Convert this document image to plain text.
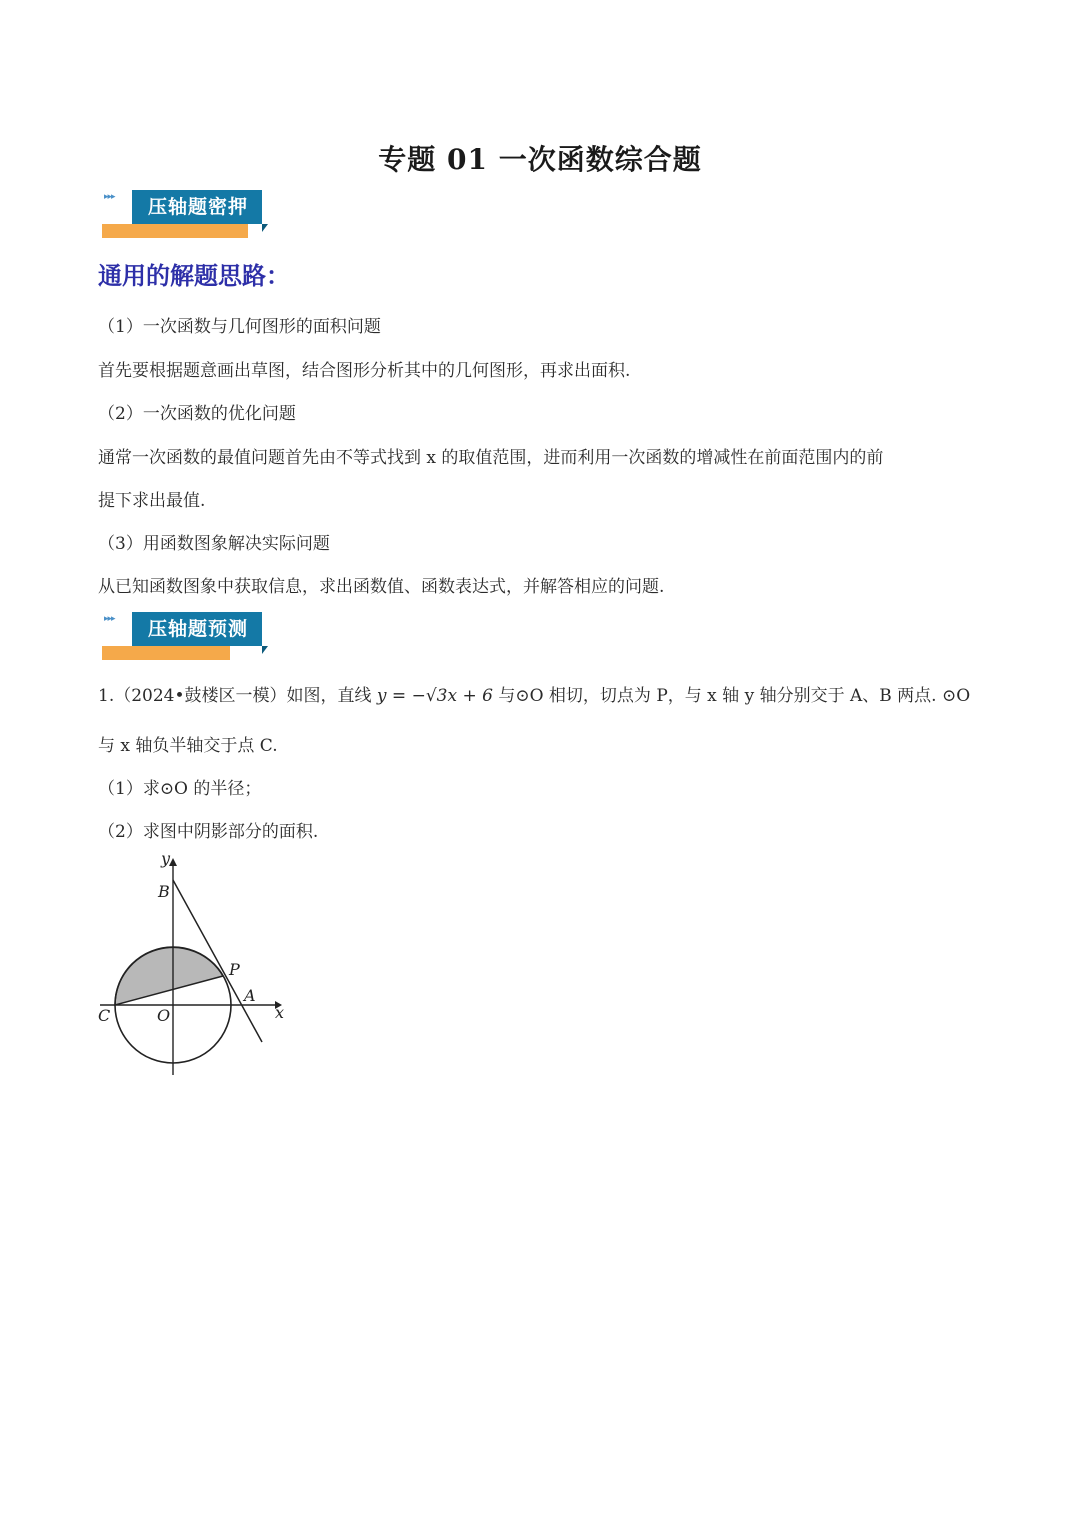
专题 01 一次函数综合题
▸▸▸	压轴题密押
通用的解题思路：
（1）一次函数与几何图形的面积问题
首先要根据题意画出草图，结合图形分析其中的几何图形，再求出面积.
（2）一次函数的优化问题
通常一次函数的最值问题首先由不等式找到 x 的取值范围，进而利用一次函数的增减性在前面范围内的前
提下求出最值.
（3）用函数图象解决实际问题
从已知函数图象中获取信息，求出函数值、函数表达式，并解答相应的问题.
▸▸▸	压轴题预测
1.（2024•鼓楼区一模）如图，直线 y = −√3x + 6 与⊙O 相切，切点为 P，与 x 轴 y 轴分别交于 A、B 两点. ⊙O
与 x 轴负半轴交于点 C.
（1）求⊙O 的半径；
（2）求图中阴影部分的面积.
y
B
P
A
x
C	O
